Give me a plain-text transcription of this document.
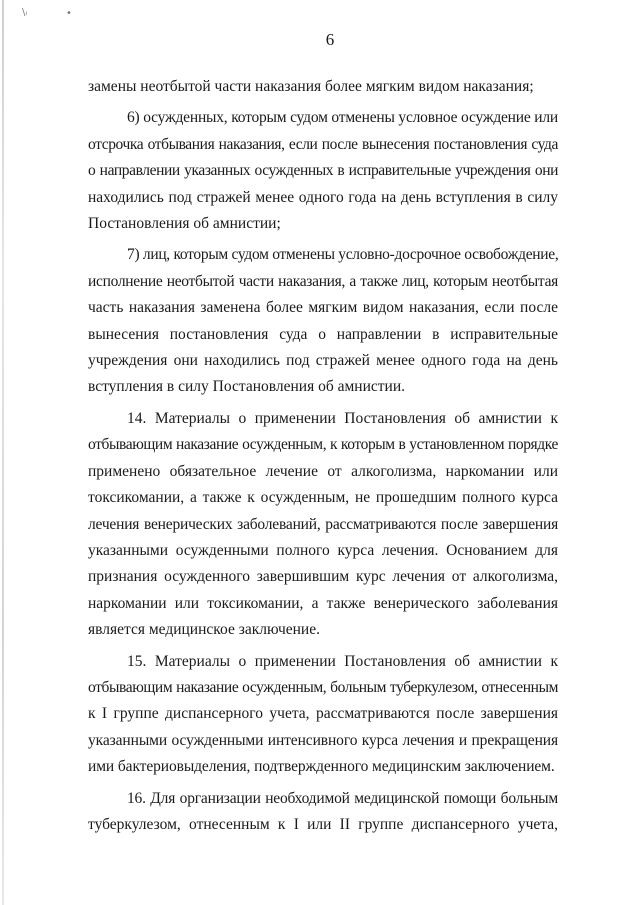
\ᵢ	•
6
замены неотбытой части наказания более мягким видом наказания;
6) осужденных, которым судом отменены условное осуждение или
отсрочка отбывания наказания, если после вынесения постановления суда
о направлении указанных осужденных в исправительные учреждения они
находились под стражей менее одного года на день вступления в силу
Постановления об амнистии;
7) лиц, которым судом отменены условно-досрочное освобождение,
исполнение неотбытой части наказания, а также лиц, которым неотбытая
часть наказания заменена более мягким видом наказания, если после
вынесения постановления суда о направлении в исправительные
учреждения они находились под стражей менее одного года на день
вступления в силу Постановления об амнистии.
14. Материалы о применении Постановления об амнистии к
отбывающим наказание осужденным, к которым в установленном порядке
применено обязательное лечение от алкоголизма, наркомании или
токсикомании, а также к осужденным, не прошедшим полного курса
лечения венерических заболеваний, рассматриваются после завершения
указанными осужденными полного курса лечения. Основанием для
признания осужденного завершившим курс лечения от алкоголизма,
наркомании или токсикомании, а также венерического заболевания
является медицинское заключение.
15. Материалы о применении Постановления об амнистии к
отбывающим наказание осужденным, больным туберкулезом, отнесенным
к I группе диспансерного учета, рассматриваются после завершения
указанными осужденными интенсивного курса лечения и прекращения
ими бактериовыделения, подтвержденного медицинским заключением.
16. Для организации необходимой медицинской помощи больным
туберкулезом, отнесенным к I или II группе диспансерного учета,
